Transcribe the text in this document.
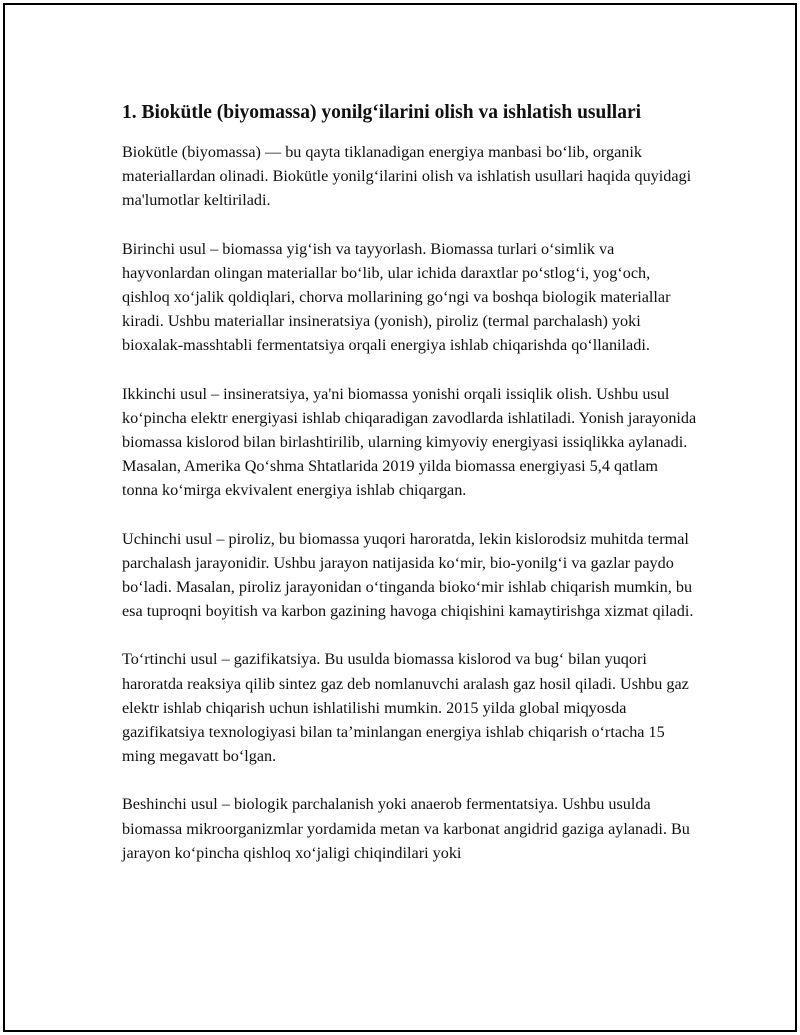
1. Biokütle (biyomassa) yonilg‘ilarini olish va ishlatish usullari

Biokütle (biyomassa) — bu qayta tiklanadigan energiya manbasi bo‘lib, organik materiallardan olinadi. Biokütle yonilg‘ilarini olish va ishlatish usullari haqida quyidagi ma'lumotlar keltiriladi.

Birinchi usul – biomassa yig‘ish va tayyorlash. Biomassa turlari o‘simlik va hayvonlardan olingan materiallar bo‘lib, ular ichida daraxtlar po‘stlog‘i, yog‘och, qishloq xo‘jalik qoldiqlari, chorva mollarining go‘ngi va boshqa biologik materiallar kiradi. Ushbu materiallar insineratsiya (yonish), piroliz (termal parchalash) yoki bioxalak-masshtabli fermentatsiya orqali energiya ishlab chiqarishda qo‘llaniladi.

Ikkinchi usul – insineratsiya, ya'ni biomassa yonishi orqali issiqlik olish. Ushbu usul ko‘pincha elektr energiyasi ishlab chiqaradigan zavodlarda ishlatiladi. Yonish jarayonida biomassa kislorod bilan birlashtirilib, ularning kimyoviy energiyasi issiqlikka aylanadi. Masalan, Amerika Qo‘shma Shtatlarida 2019 yilda biomassa energiyasi 5,4 qatlam tonna ko‘mirga ekvivalent energiya ishlab chiqargan.

Uchinchi usul – piroliz, bu biomassa yuqori haroratda, lekin kislorodsiz muhitda termal parchalash jarayonidir. Ushbu jarayon natijasida ko‘mir, bio-yonilg‘i va gazlar paydo bo‘ladi. Masalan, piroliz jarayonidan o‘tinganda bioko‘mir ishlab chiqarish mumkin, bu esa tuproqni boyitish va karbon gazining havoga chiqishini kamaytirishga xizmat qiladi.

To‘rtinchi usul – gazifikatsiya. Bu usulda biomassa kislorod va bug‘ bilan yuqori haroratda reaksiya qilib sintez gaz deb nomlanuvchi aralash gaz hosil qiladi. Ushbu gaz elektr ishlab chiqarish uchun ishlatilishi mumkin. 2015 yilda global miqyosda gazifikatsiya texnologiyasi bilan ta’minlangan energiya ishlab chiqarish o‘rtacha 15 ming megavatt bo‘lgan.

Beshinchi usul – biologik parchalanish yoki anaerob fermentatsiya. Ushbu usulda biomassa mikroorganizmlar yordamida metan va karbonat angidrid gaziga aylanadi. Bu jarayon ko‘pincha qishloq xo‘jaligi chiqindilari yoki
